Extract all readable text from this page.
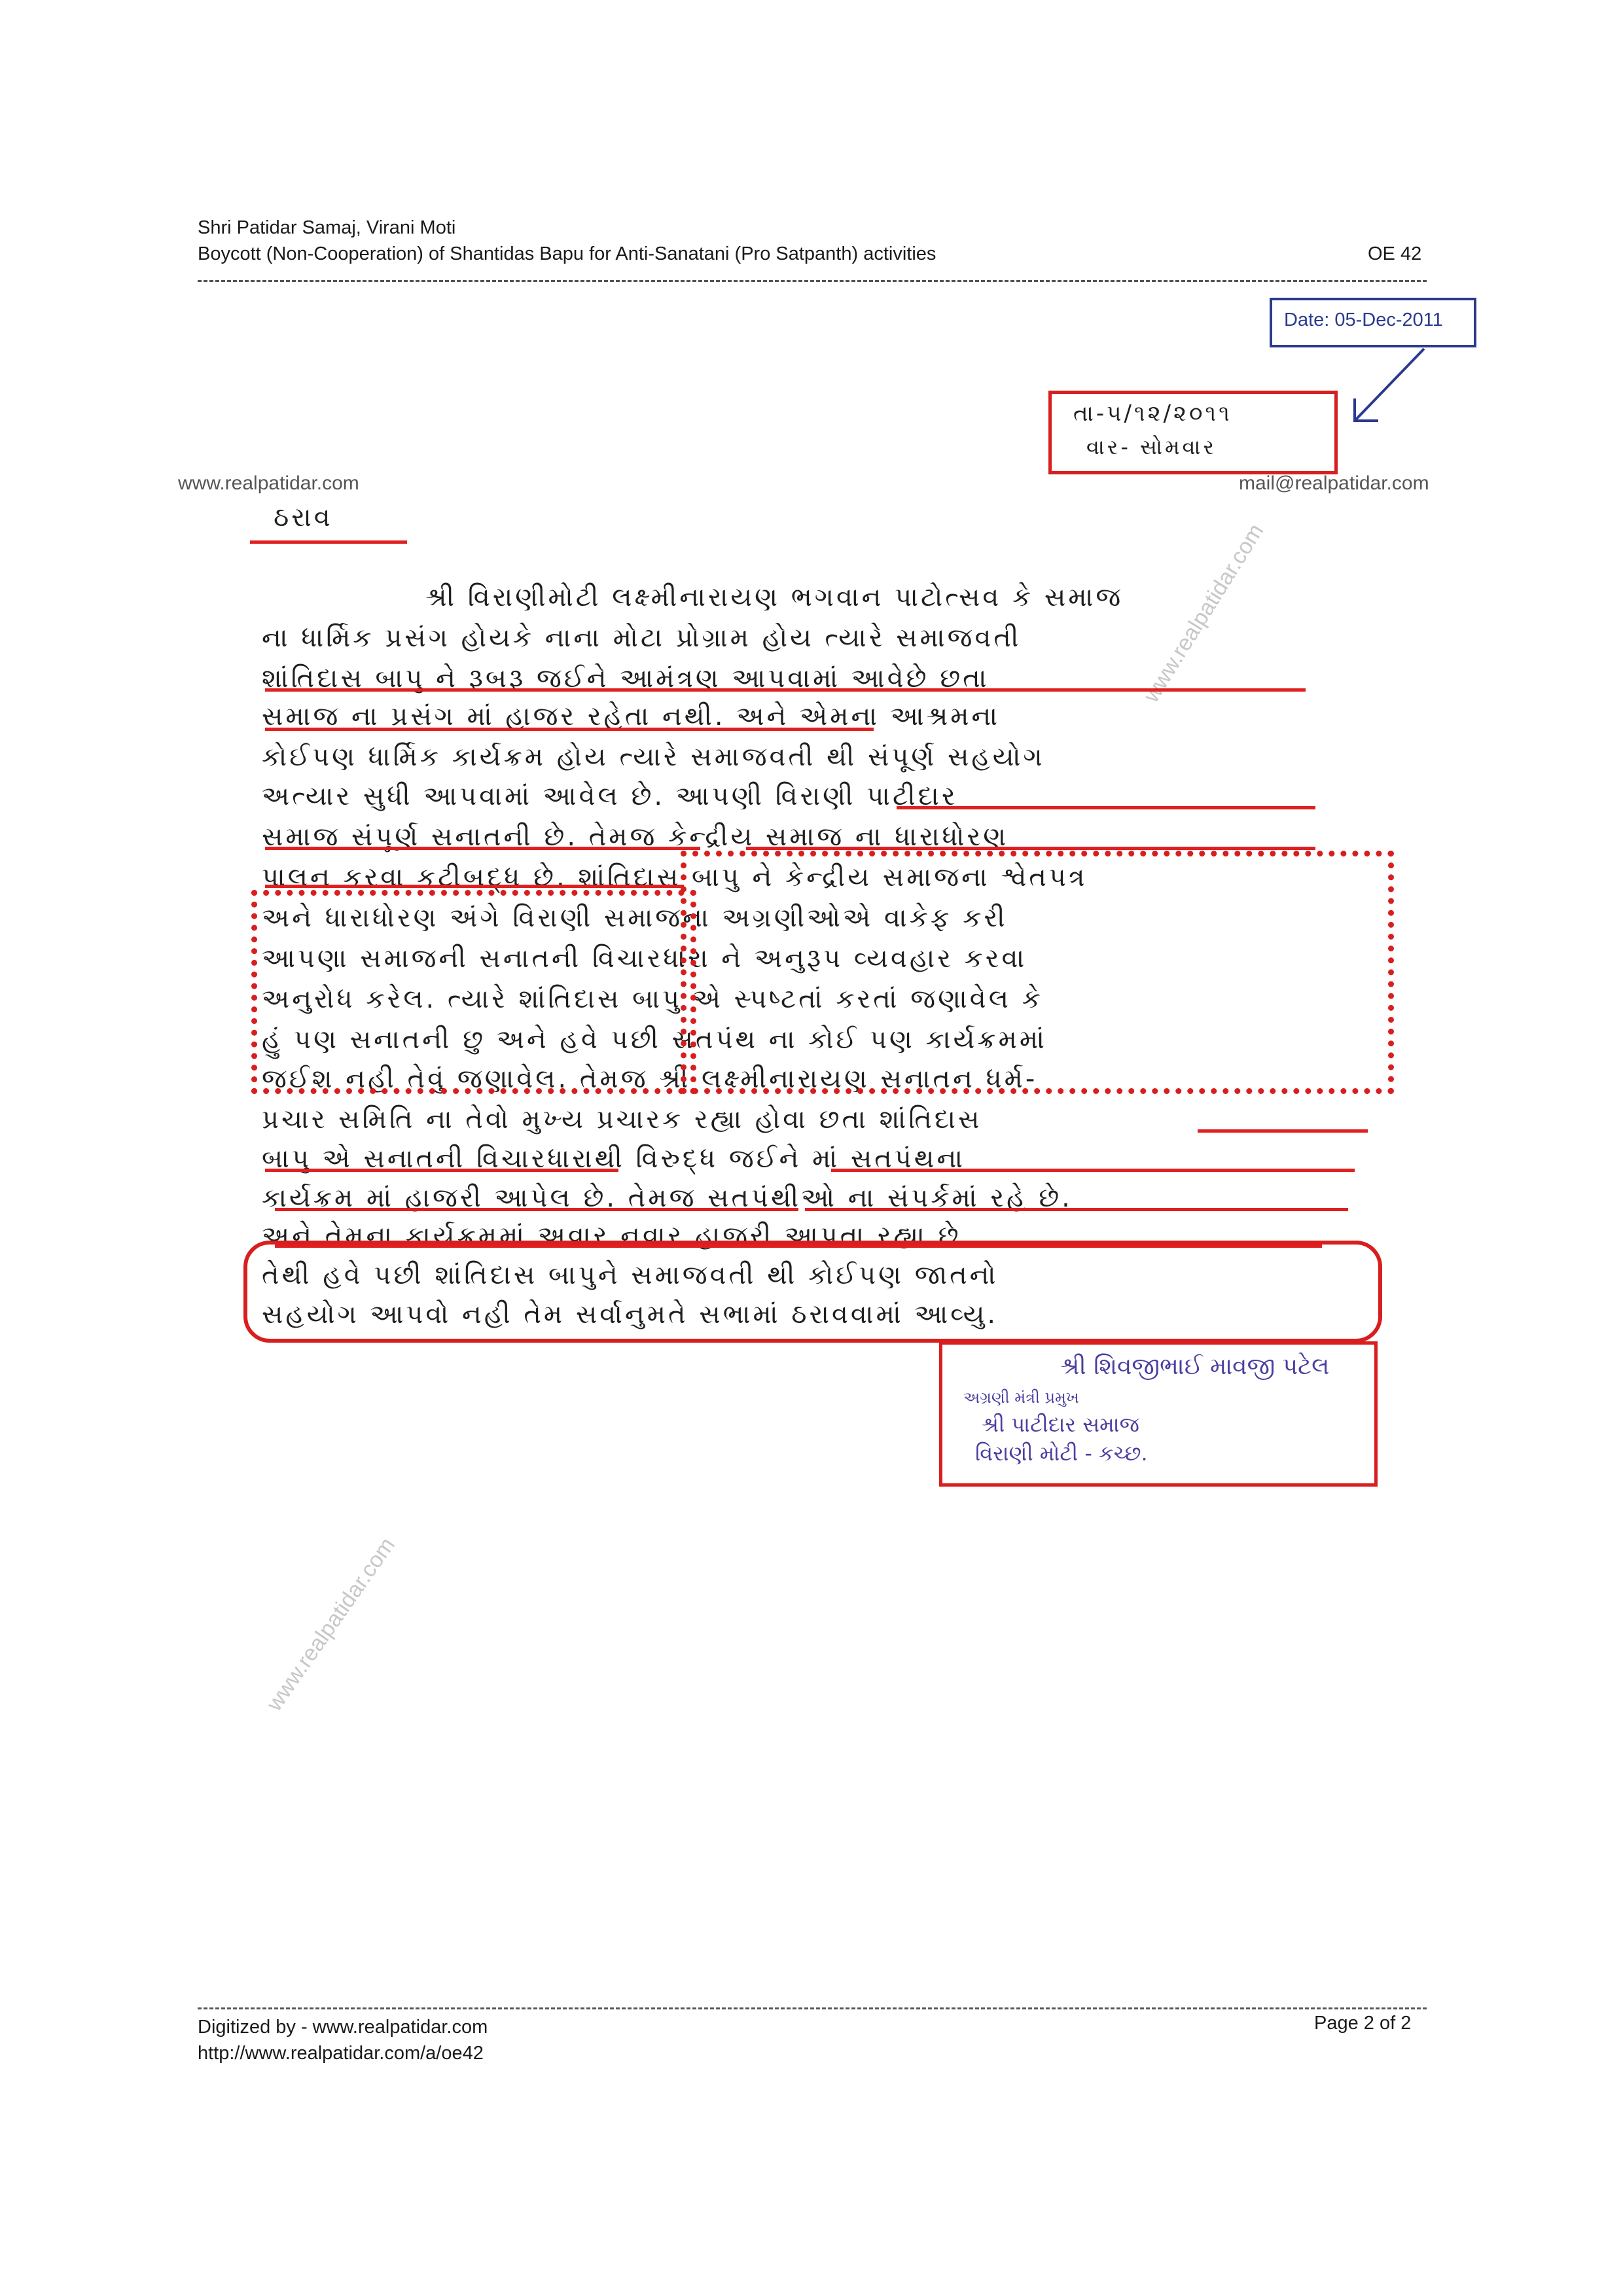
Shri Patidar Samaj, Virani Moti
Boycott (Non-Cooperation) of Shantidas Bapu for Anti-Sanatani (Pro Satpanth) activities	OE 42
Date: 05-Dec-2011
તા-૫/૧૨/૨૦૧૧
વાર- સોમવાર
www.realpatidar.com	mail@realpatidar.com
www.realpatidar.com
www.realpatidar.com
ઠરાવ
શ્રી વિરાણીમોટી લક્ષ્મીનારાયણ ભગવાન પાટોત્સવ કે સમાજ
ના ધાર્મિક પ્રસંગ હોયકે નાના મોટા પ્રોગ્રામ હોય ત્યારે સમાજવતી
શાંતિદાસ બાપુ ને રૂબરૂ જઈને આમંત્રણ આપવામાં આવેછે છતા
સમાજ ના પ્રસંગ માં હાજર રહેતા નથી. અને એમના આશ્રમના
કોઈપણ ધાર્મિક કાર્યક્રમ હોય ત્યારે સમાજવતી થી સંપૂર્ણ સહયોગ
અત્યાર સુધી આપવામાં આવેલ છે. આપણી વિરાણી પાટીદાર
સમાજ સંપૂર્ણ સનાતની છે. તેમજ કેન્દ્રીય સમાજ ના ધારાધોરણ
પાલન કરવા કટીબદ્ધ છે. શાંતિદાસ બાપુ ને કેન્દ્રીય સમાજના શ્વેતપત્ર
અને ધારાધોરણ અંગે વિરાણી સમાજના અગ્રણીઓએ વાકેફ કરી
આપણા સમાજની સનાતની વિચારધારા ને અનુરૂપ વ્યવહાર કરવા
અનુરોધ કરેલ. ત્યારે શાંતિદાસ બાપુ એ સ્પષ્ટતાં કરતાં જણાવેલ કે
હું પણ સનાતની છુ અને હવે પછી સતપંથ ના કોઈ પણ કાર્યક્રમમાં
જઈશ નહી તેવું જણાવેલ. તેમજ શ્રી લક્ષ્મીનારાયણ સનાતન ધર્મ-
પ્રચાર સમિતિ ના તેવો મુખ્ય પ્રચારક રહ્યા હોવા છતા શાંતિદાસ
બાપુ એ સનાતની વિચારધારાથી વિરુદ્ધ જઈને માં સતપંથના
કાર્યક્રમ માં હાજરી આપેલ છે. તેમજ સતપંથીઓ ના સંપર્કમાં રહે છે.
અને તેમના કાર્યક્રમમાં અવાર નવાર હાજરી આપતા રહ્યા છે.
તેથી હવે પછી શાંતિદાસ બાપુને સમાજવતી થી કોઈપણ જાતનો
સહયોગ આપવો નહી તેમ સર્વાનુમતે સભામાં ઠરાવવામાં આવ્યુ.
શ્રી શિવજીભાઈ માવજી પટેલ
અગ્રણી મંત્રી પ્રમુખ
શ્રી પાટીદાર સમાજ
વિરાણી મોટી - કચ્છ.
Digitized by - www.realpatidar.com
http://www.realpatidar.com/a/oe42
Page 2 of 2
